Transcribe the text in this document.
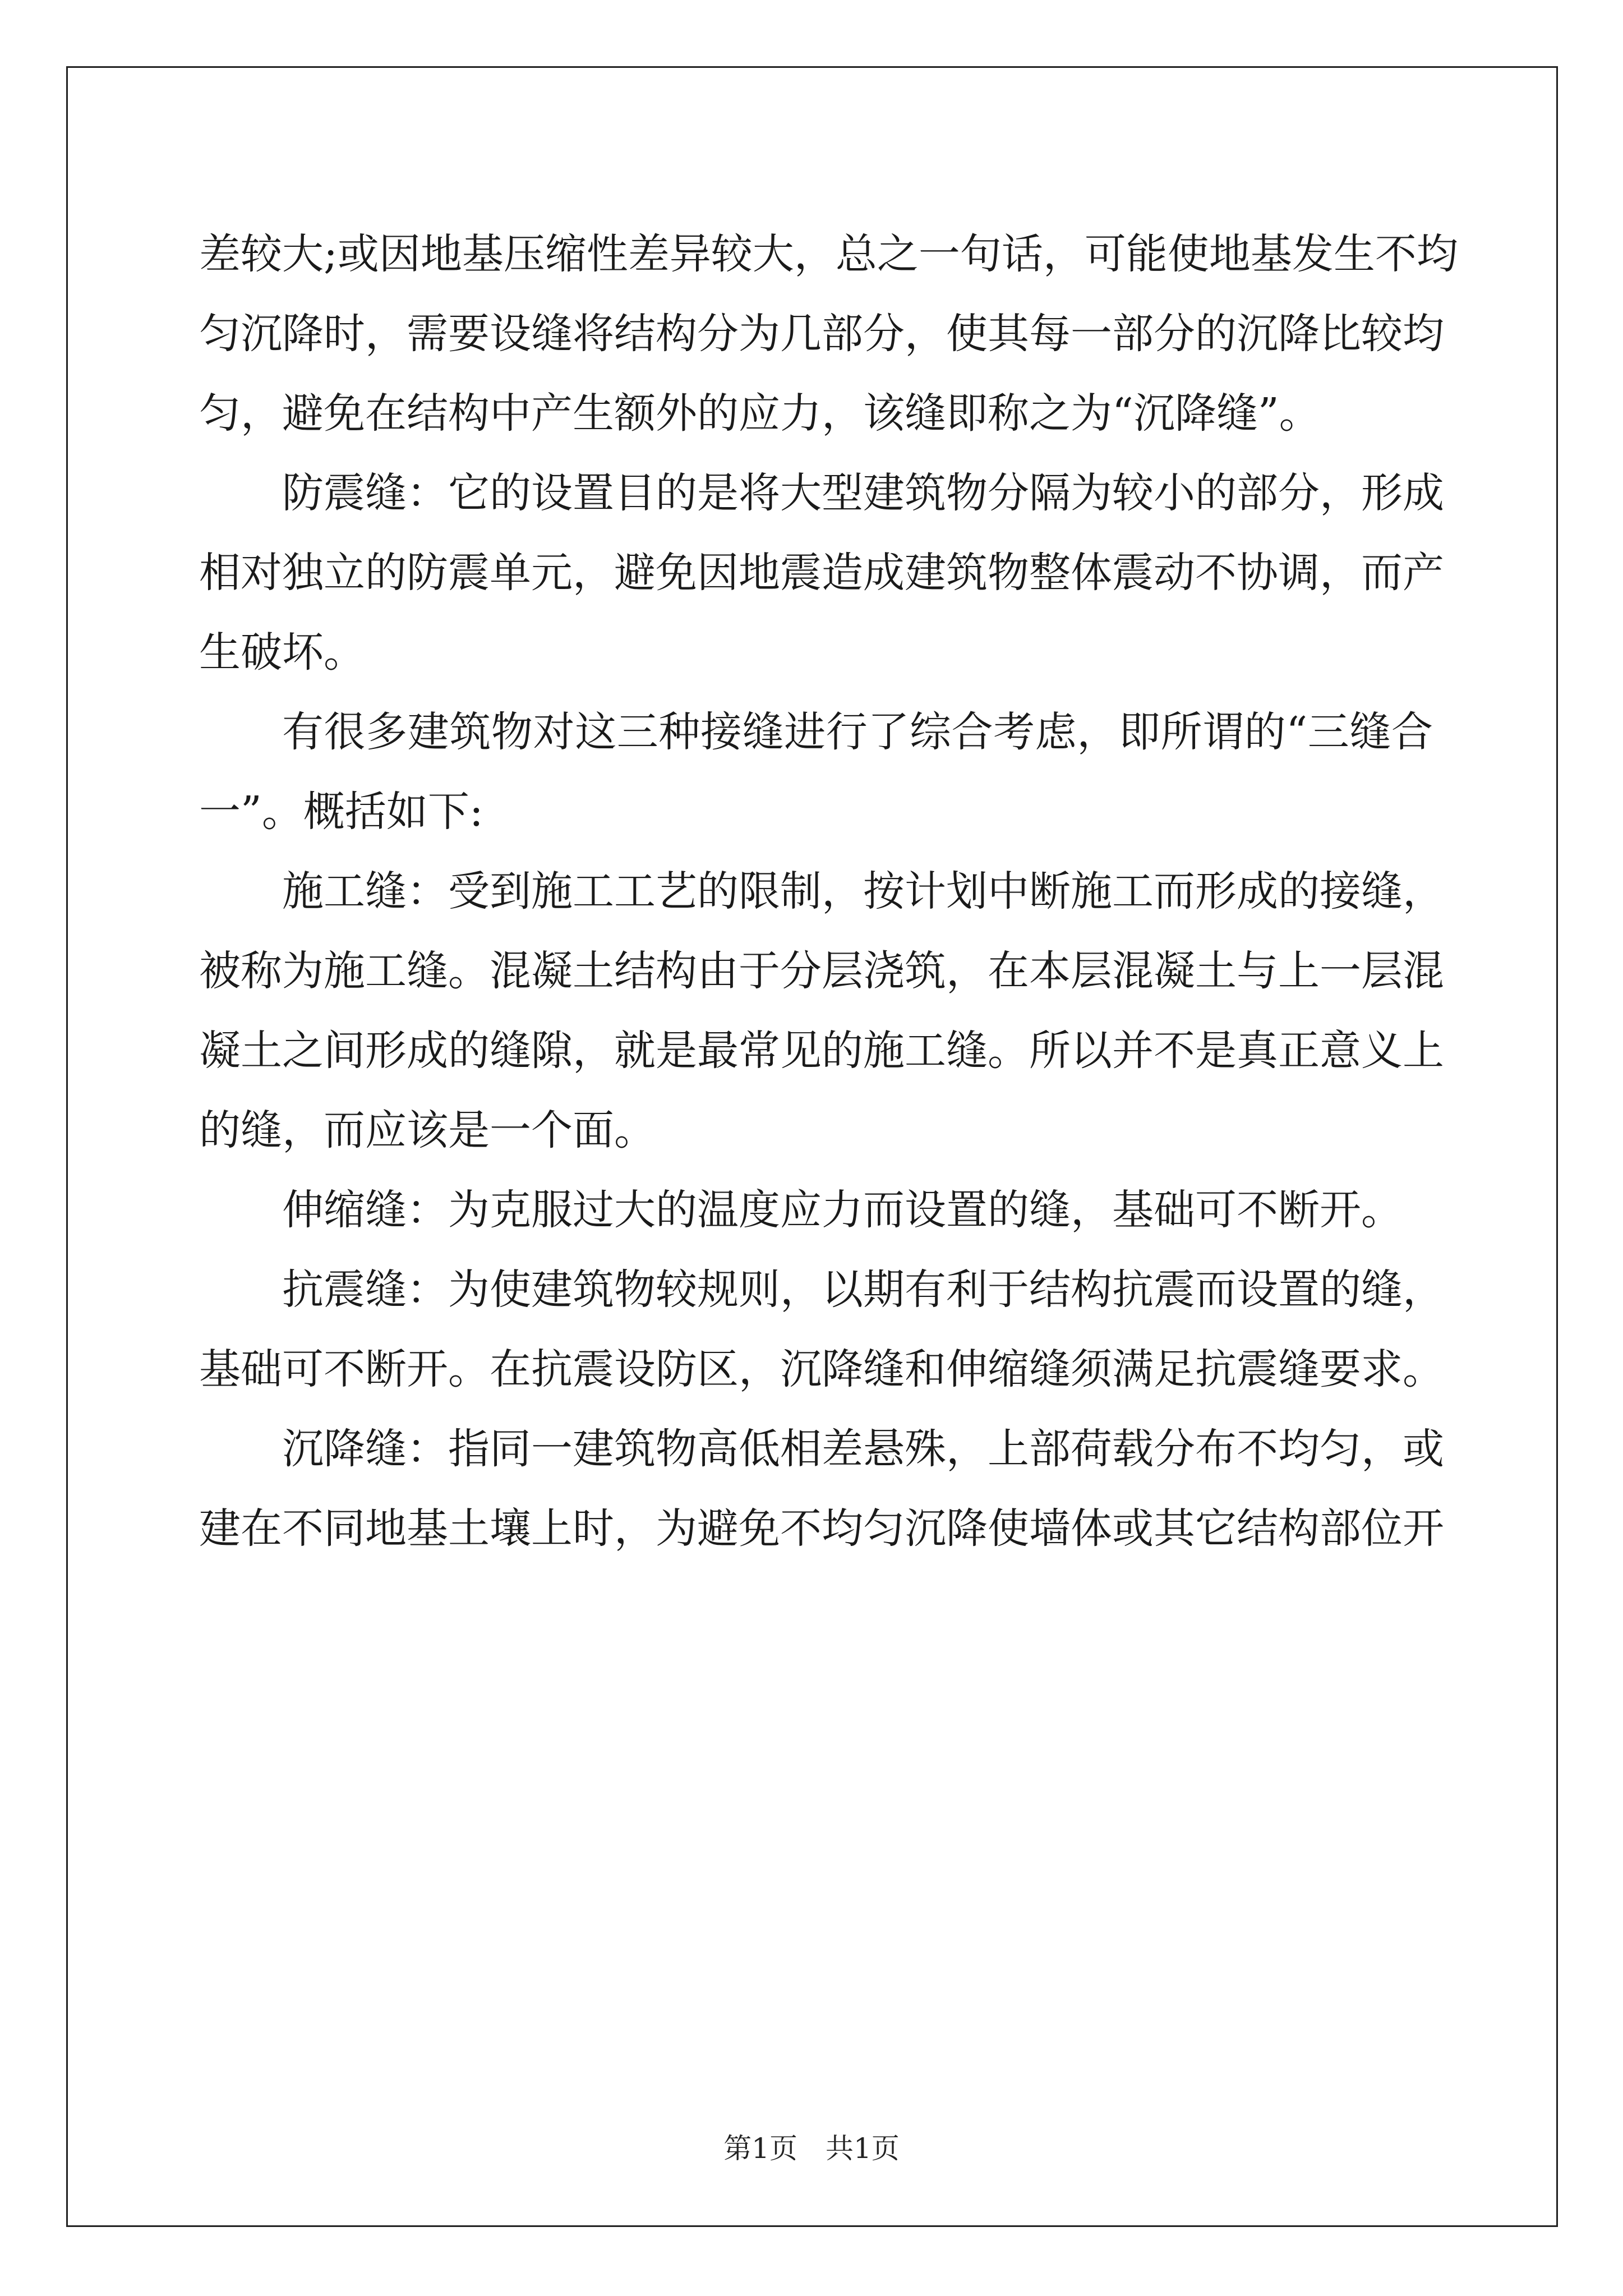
差较大;或因地基压缩性差异较大，总之一句话，可能使地基发生不均
匀沉降时，需要设缝将结构分为几部分，使其每一部分的沉降比较均
匀，避免在结构中产生额外的应力，该缝即称之为“沉降缝”。
防震缝：它的设置目的是将大型建筑物分隔为较小的部分，形成
相对独立的防震单元，避免因地震造成建筑物整体震动不协调，而产
生破坏。
有很多建筑物对这三种接缝进行了综合考虑，即所谓的“三缝合
一”。概括如下:
施工缝：受到施工工艺的限制，按计划中断施工而形成的接缝，
被称为施工缝。混凝土结构由于分层浇筑，在本层混凝土与上一层混
凝土之间形成的缝隙，就是最常见的施工缝。所以并不是真正意义上
的缝，而应该是一个面。
伸缩缝：为克服过大的温度应力而设置的缝，基础可不断开。
抗震缝：为使建筑物较规则，以期有利于结构抗震而设置的缝，
基础可不断开。在抗震设防区，沉降缝和伸缩缝须满足抗震缝要求。
沉降缝：指同一建筑物高低相差悬殊，上部荷载分布不均匀，或
建在不同地基土壤上时，为避免不均匀沉降使墙体或其它结构部位开
第1页　共1页
